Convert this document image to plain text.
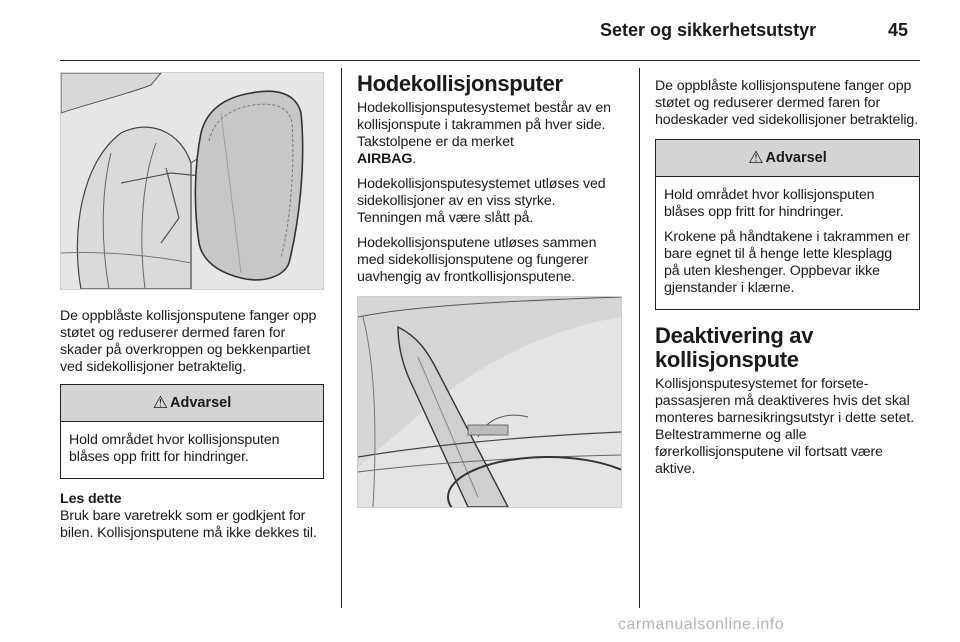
Seter og sikkerhetsutstyr	45

De oppblåste kollisjonsputene fanger opp støtet og reduserer dermed faren for skader på overkroppen og bekkenpartiet ved sidekollisjoner betraktelig.

⚠ Advarsel

Hold området hvor kollisjonsputen blåses opp fritt for hindringer.

Les dette

Bruk bare varetrekk som er godkjent for bilen. Kollisjonsputene må ikke dekkes til.

Hodekollisjonsputer

Hodekollisjonsputesystemet består av en kollisjonspute i takrammen på hver side. Takstolpene er da merket
AIRBAG.

Hodekollisjonsputesystemet utløses ved sidekollisjoner av en viss styrke. Tenningen må være slått på.

Hodekollisjonsputene utløses sammen med sidekollisjonsputene og fungerer uavhengig av frontkollisjonsputene.

De oppblåste kollisjonsputene fanger opp støtet og reduserer dermed faren for hodeskader ved sidekollisjoner betraktelig.

⚠ Advarsel

Hold området hvor kollisjonsputen blåses opp fritt for hindringer.

Krokene på håndtakene i takrammen er bare egnet til å henge lette klesplagg på uten kleshenger. Oppbevar ikke gjenstander i klærne.

Deaktivering av kollisjonspute

Kollisjonsputesystemet for forsetepassasjeren må deaktiveres hvis det skal monteres barnesikringsutstyr i dette setet. Beltestrammerne og alle førerkollisjonsputene vil fortsatt være aktive.

carmanualsonline.info
